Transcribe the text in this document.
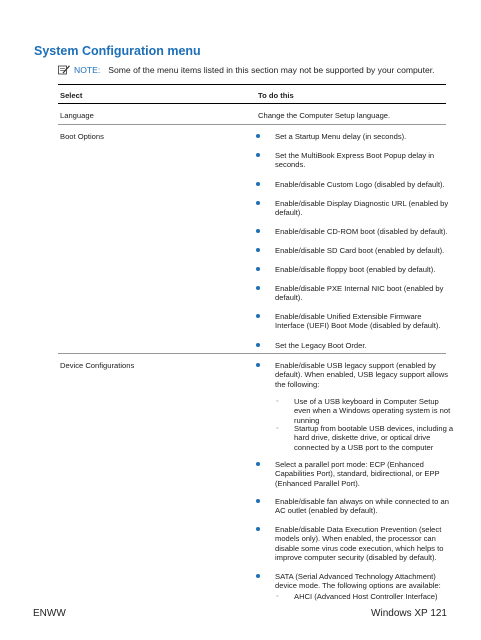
System Configuration menu
NOTE: Some of the menu items listed in this section may not be supported by your computer.
Select	To do this
Language	Change the Computer Setup language.
Boot Options	Set a Startup Menu delay (in seconds).
Set the MultiBook Express Boot Popup delay in seconds.
Enable/disable Custom Logo (disabled by default).
Enable/disable Display Diagnostic URL (enabled by default).
Enable/disable CD-ROM boot (disabled by default).
Enable/disable SD Card boot (enabled by default).
Enable/disable floppy boot (enabled by default).
Enable/disable PXE Internal NIC boot (enabled by default).
Enable/disable Unified Extensible Firmware Interface (UEFI) Boot Mode (disabled by default).
Set the Legacy Boot Order.
Device Configurations	Enable/disable USB legacy support (enabled by default). When enabled, USB legacy support allows the following:
◦ Use of a USB keyboard in Computer Setup even when a Windows operating system is not running
◦ Startup from bootable USB devices, including a hard drive, diskette drive, or optical drive connected by a USB port to the computer
Select a parallel port mode: ECP (Enhanced Capabilities Port), standard, bidirectional, or EPP (Enhanced Parallel Port).
Enable/disable fan always on while connected to an AC outlet (enabled by default).
Enable/disable Data Execution Prevention (select models only). When enabled, the processor can disable some virus code execution, which helps to improve computer security (disabled by default).
SATA (Serial Advanced Technology Attachment) device mode. The following options are available:
◦ AHCI (Advanced Host Controller Interface)
ENWW	Windows XP 121
